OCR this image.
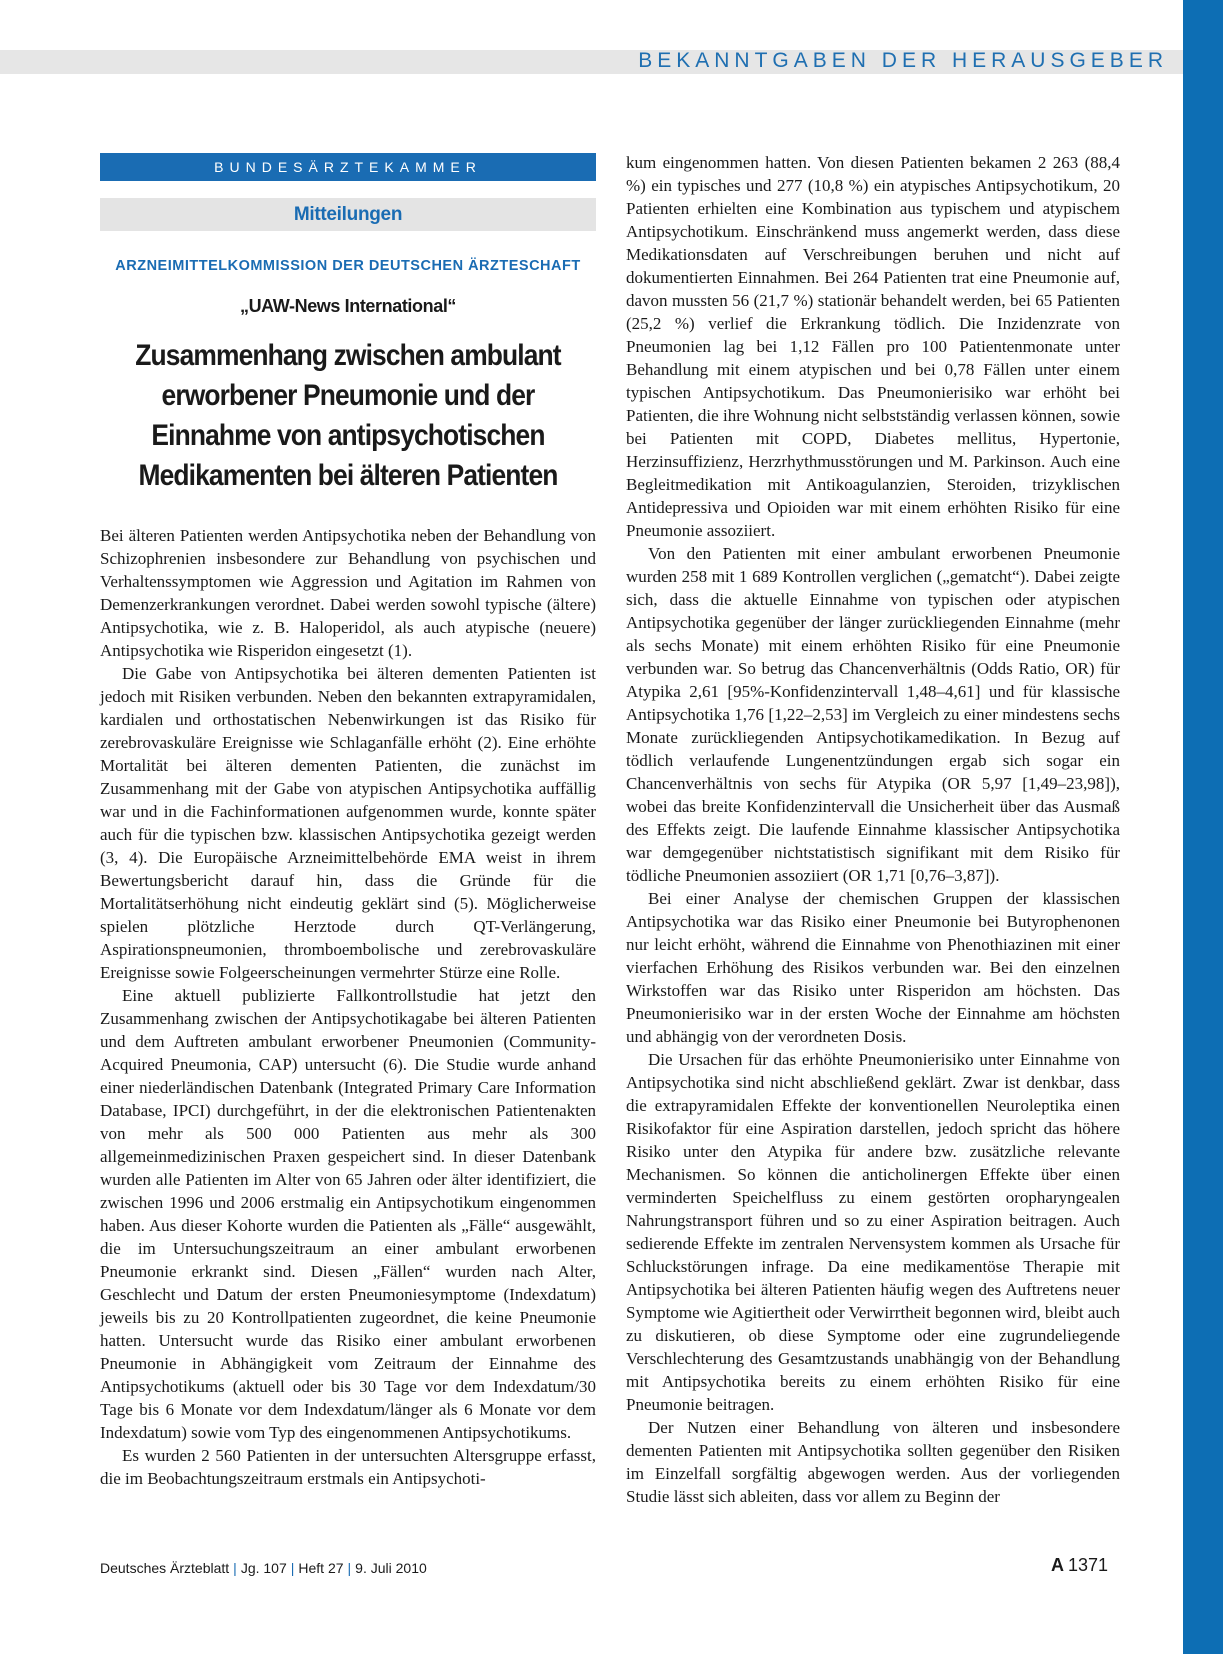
BEKANNTGABEN DER HERAUSGEBER
BUNDESÄRZTEKAMMER
Mitteilungen
ARZNEIMITTELKOMMISSION DER DEUTSCHEN ÄRZTESCHAFT
„UAW-News International“
Zusammenhang zwischen ambulant
erworbener Pneumonie und der
Einnahme von antipsychotischen
Medikamenten bei älteren Patienten

Bei älteren Patienten werden Antipsychotika neben der Behandlung von Schizophrenien insbesondere zur Behandlung von psychischen und Verhaltenssymptomen wie Aggression und Agitation im Rahmen von Demenzerkrankungen verordnet. Dabei werden sowohl typische (ältere) Antipsychotika, wie z. B. Haloperidol, als auch atypische (neuere) Antipsychotika wie Risperidon eingesetzt (1).

Die Gabe von Antipsychotika bei älteren dementen Patienten ist jedoch mit Risiken verbunden. Neben den bekannten extrapyramidalen, kardialen und orthostatischen Nebenwirkungen ist das Risiko für zerebrovaskuläre Ereignisse wie Schlaganfälle erhöht (2). Eine erhöhte Mortalität bei älteren dementen Patienten, die zunächst im Zusammenhang mit der Gabe von atypischen Antipsychotika auffällig war und in die Fachinformationen aufgenommen wurde, konnte später auch für die typischen bzw. klassischen Antipsychotika gezeigt werden (3, 4). Die Europäische Arzneimittelbehörde EMA weist in ihrem Bewertungsbericht darauf hin, dass die Gründe für die Mortalitätserhöhung nicht eindeutig geklärt sind (5). Möglicherweise spielen plötzliche Herztode durch QT-Verlängerung, Aspirationspneumonien, thromboembolische und zerebrovaskuläre Ereignisse sowie Folgeerscheinungen vermehrter Stürze eine Rolle.

Eine aktuell publizierte Fallkontrollstudie hat jetzt den Zusammenhang zwischen der Antipsychotikagabe bei älteren Patienten und dem Auftreten ambulant erworbener Pneumonien (Community-Acquired Pneumonia, CAP) untersucht (6). Die Studie wurde anhand einer niederländischen Datenbank (Integrated Primary Care Information Database, IPCI) durchgeführt, in der die elektronischen Patientenakten von mehr als 500 000 Patienten aus mehr als 300 allgemeinmedizinischen Praxen gespeichert sind. In dieser Datenbank wurden alle Patienten im Alter von 65 Jahren oder älter identifiziert, die zwischen 1996 und 2006 erstmalig ein Antipsychotikum eingenommen haben. Aus dieser Kohorte wurden die Patienten als „Fälle“ ausgewählt, die im Untersuchungszeitraum an einer ambulant erworbenen Pneumonie erkrankt sind. Diesen „Fällen“ wurden nach Alter, Geschlecht und Datum der ersten Pneumoniesymptome (Indexdatum) jeweils bis zu 20 Kontrollpatienten zugeordnet, die keine Pneumonie hatten. Untersucht wurde das Risiko einer ambulant erworbenen Pneumonie in Abhängigkeit vom Zeitraum der Einnahme des Antipsychotikums (aktuell oder bis 30 Tage vor dem Indexdatum/30 Tage bis 6 Monate vor dem Indexdatum/länger als 6 Monate vor dem Indexdatum) sowie vom Typ des eingenommenen Antipsychotikums.

Es wurden 2 560 Patienten in der untersuchten Altersgruppe erfasst, die im Beobachtungszeitraum erstmals ein Antipsychoti-

kum eingenommen hatten. Von diesen Patienten bekamen 2 263 (88,4 %) ein typisches und 277 (10,8 %) ein atypisches Antipsychotikum, 20 Patienten erhielten eine Kombination aus typischem und atypischem Antipsychotikum. Einschränkend muss angemerkt werden, dass diese Medikationsdaten auf Verschreibungen beruhen und nicht auf dokumentierten Einnahmen. Bei 264 Patienten trat eine Pneumonie auf, davon mussten 56 (21,7 %) stationär behandelt werden, bei 65 Patienten (25,2 %) verlief die Erkrankung tödlich. Die Inzidenzrate von Pneumonien lag bei 1,12 Fällen pro 100 Patientenmonate unter Behandlung mit einem atypischen und bei 0,78 Fällen unter einem typischen Antipsychotikum. Das Pneumonierisiko war erhöht bei Patienten, die ihre Wohnung nicht selbstständig verlassen können, sowie bei Patienten mit COPD, Diabetes mellitus, Hypertonie, Herzinsuffizienz, Herzrhythmusstörungen und M. Parkinson. Auch eine Begleitmedikation mit Antikoagulanzien, Steroiden, trizyklischen Antidepressiva und Opioiden war mit einem erhöhten Risiko für eine Pneumonie assoziiert.

Von den Patienten mit einer ambulant erworbenen Pneumonie wurden 258 mit 1 689 Kontrollen verglichen („gematcht“). Dabei zeigte sich, dass die aktuelle Einnahme von typischen oder atypischen Antipsychotika gegenüber der länger zurückliegenden Einnahme (mehr als sechs Monate) mit einem erhöhten Risiko für eine Pneumonie verbunden war. So betrug das Chancenverhältnis (Odds Ratio, OR) für Atypika 2,61 [95%-Konfidenzintervall 1,48–4,61] und für klassische Antipsychotika 1,76 [1,22–2,53] im Vergleich zu einer mindestens sechs Monate zurückliegenden Antipsychotikamedikation. In Bezug auf tödlich verlaufende Lungenentzündungen ergab sich sogar ein Chancenverhältnis von sechs für Atypika (OR 5,97 [1,49–23,98]), wobei das breite Konfidenzintervall die Unsicherheit über das Ausmaß des Effekts zeigt. Die laufende Einnahme klassischer Antipsychotika war demgegenüber nichtstatistisch signifikant mit dem Risiko für tödliche Pneumonien assoziiert (OR 1,71 [0,76–3,87]).

Bei einer Analyse der chemischen Gruppen der klassischen Antipsychotika war das Risiko einer Pneumonie bei Butyrophenonen nur leicht erhöht, während die Einnahme von Phenothiazinen mit einer vierfachen Erhöhung des Risikos verbunden war. Bei den einzelnen Wirkstoffen war das Risiko unter Risperidon am höchsten. Das Pneumonierisiko war in der ersten Woche der Einnahme am höchsten und abhängig von der verordneten Dosis.

Die Ursachen für das erhöhte Pneumonierisiko unter Einnahme von Antipsychotika sind nicht abschließend geklärt. Zwar ist denkbar, dass die extrapyramidalen Effekte der konventionellen Neuroleptika einen Risikofaktor für eine Aspiration darstellen, jedoch spricht das höhere Risiko unter den Atypika für andere bzw. zusätzliche relevante Mechanismen. So können die anticholinergen Effekte über einen verminderten Speichelfluss zu einem gestörten oropharyngealen Nahrungstransport führen und so zu einer Aspiration beitragen. Auch sedierende Effekte im zentralen Nervensystem kommen als Ursache für Schluckstörungen infrage. Da eine medikamentöse Therapie mit Antipsychotika bei älteren Patienten häufig wegen des Auftretens neuer Symptome wie Agitiertheit oder Verwirrtheit begonnen wird, bleibt auch zu diskutieren, ob diese Symptome oder eine zugrundeliegende Verschlechterung des Gesamtzustands unabhängig von der Behandlung mit Antipsychotika bereits zu einem erhöhten Risiko für eine Pneumonie beitragen.

Der Nutzen einer Behandlung von älteren und insbesondere dementen Patienten mit Antipsychotika sollten gegenüber den Risiken im Einzelfall sorgfältig abgewogen werden. Aus der vorliegenden Studie lässt sich ableiten, dass vor allem zu Beginn der

Deutsches Ärzteblatt | Jg. 107 | Heft 27 | 9. Juli 2010	A 1371
